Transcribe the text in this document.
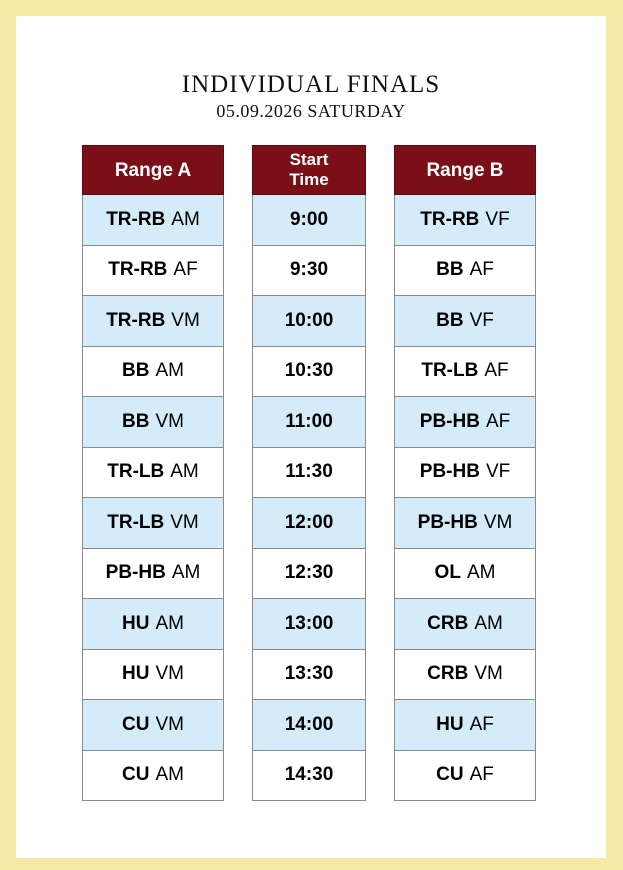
INDIVIDUAL FINALS
05.09.2026 SATURDAY
Range A
TR-RB AM
TR-RB AF
TR-RB VM
BB AM
BB VM
TR-LB AM
TR-LB VM
PB-HB AM
HU AM
HU VM
CU VM
CU AM
Start
Time
9:00
9:30
10:00
10:30
11:00
11:30
12:00
12:30
13:00
13:30
14:00
14:30
Range B
TR-RB VF
BB AF
BB VF
TR-LB AF
PB-HB AF
PB-HB VF
PB-HB VM
OL AM
CRB AM
CRB VM
HU AF
CU AF
